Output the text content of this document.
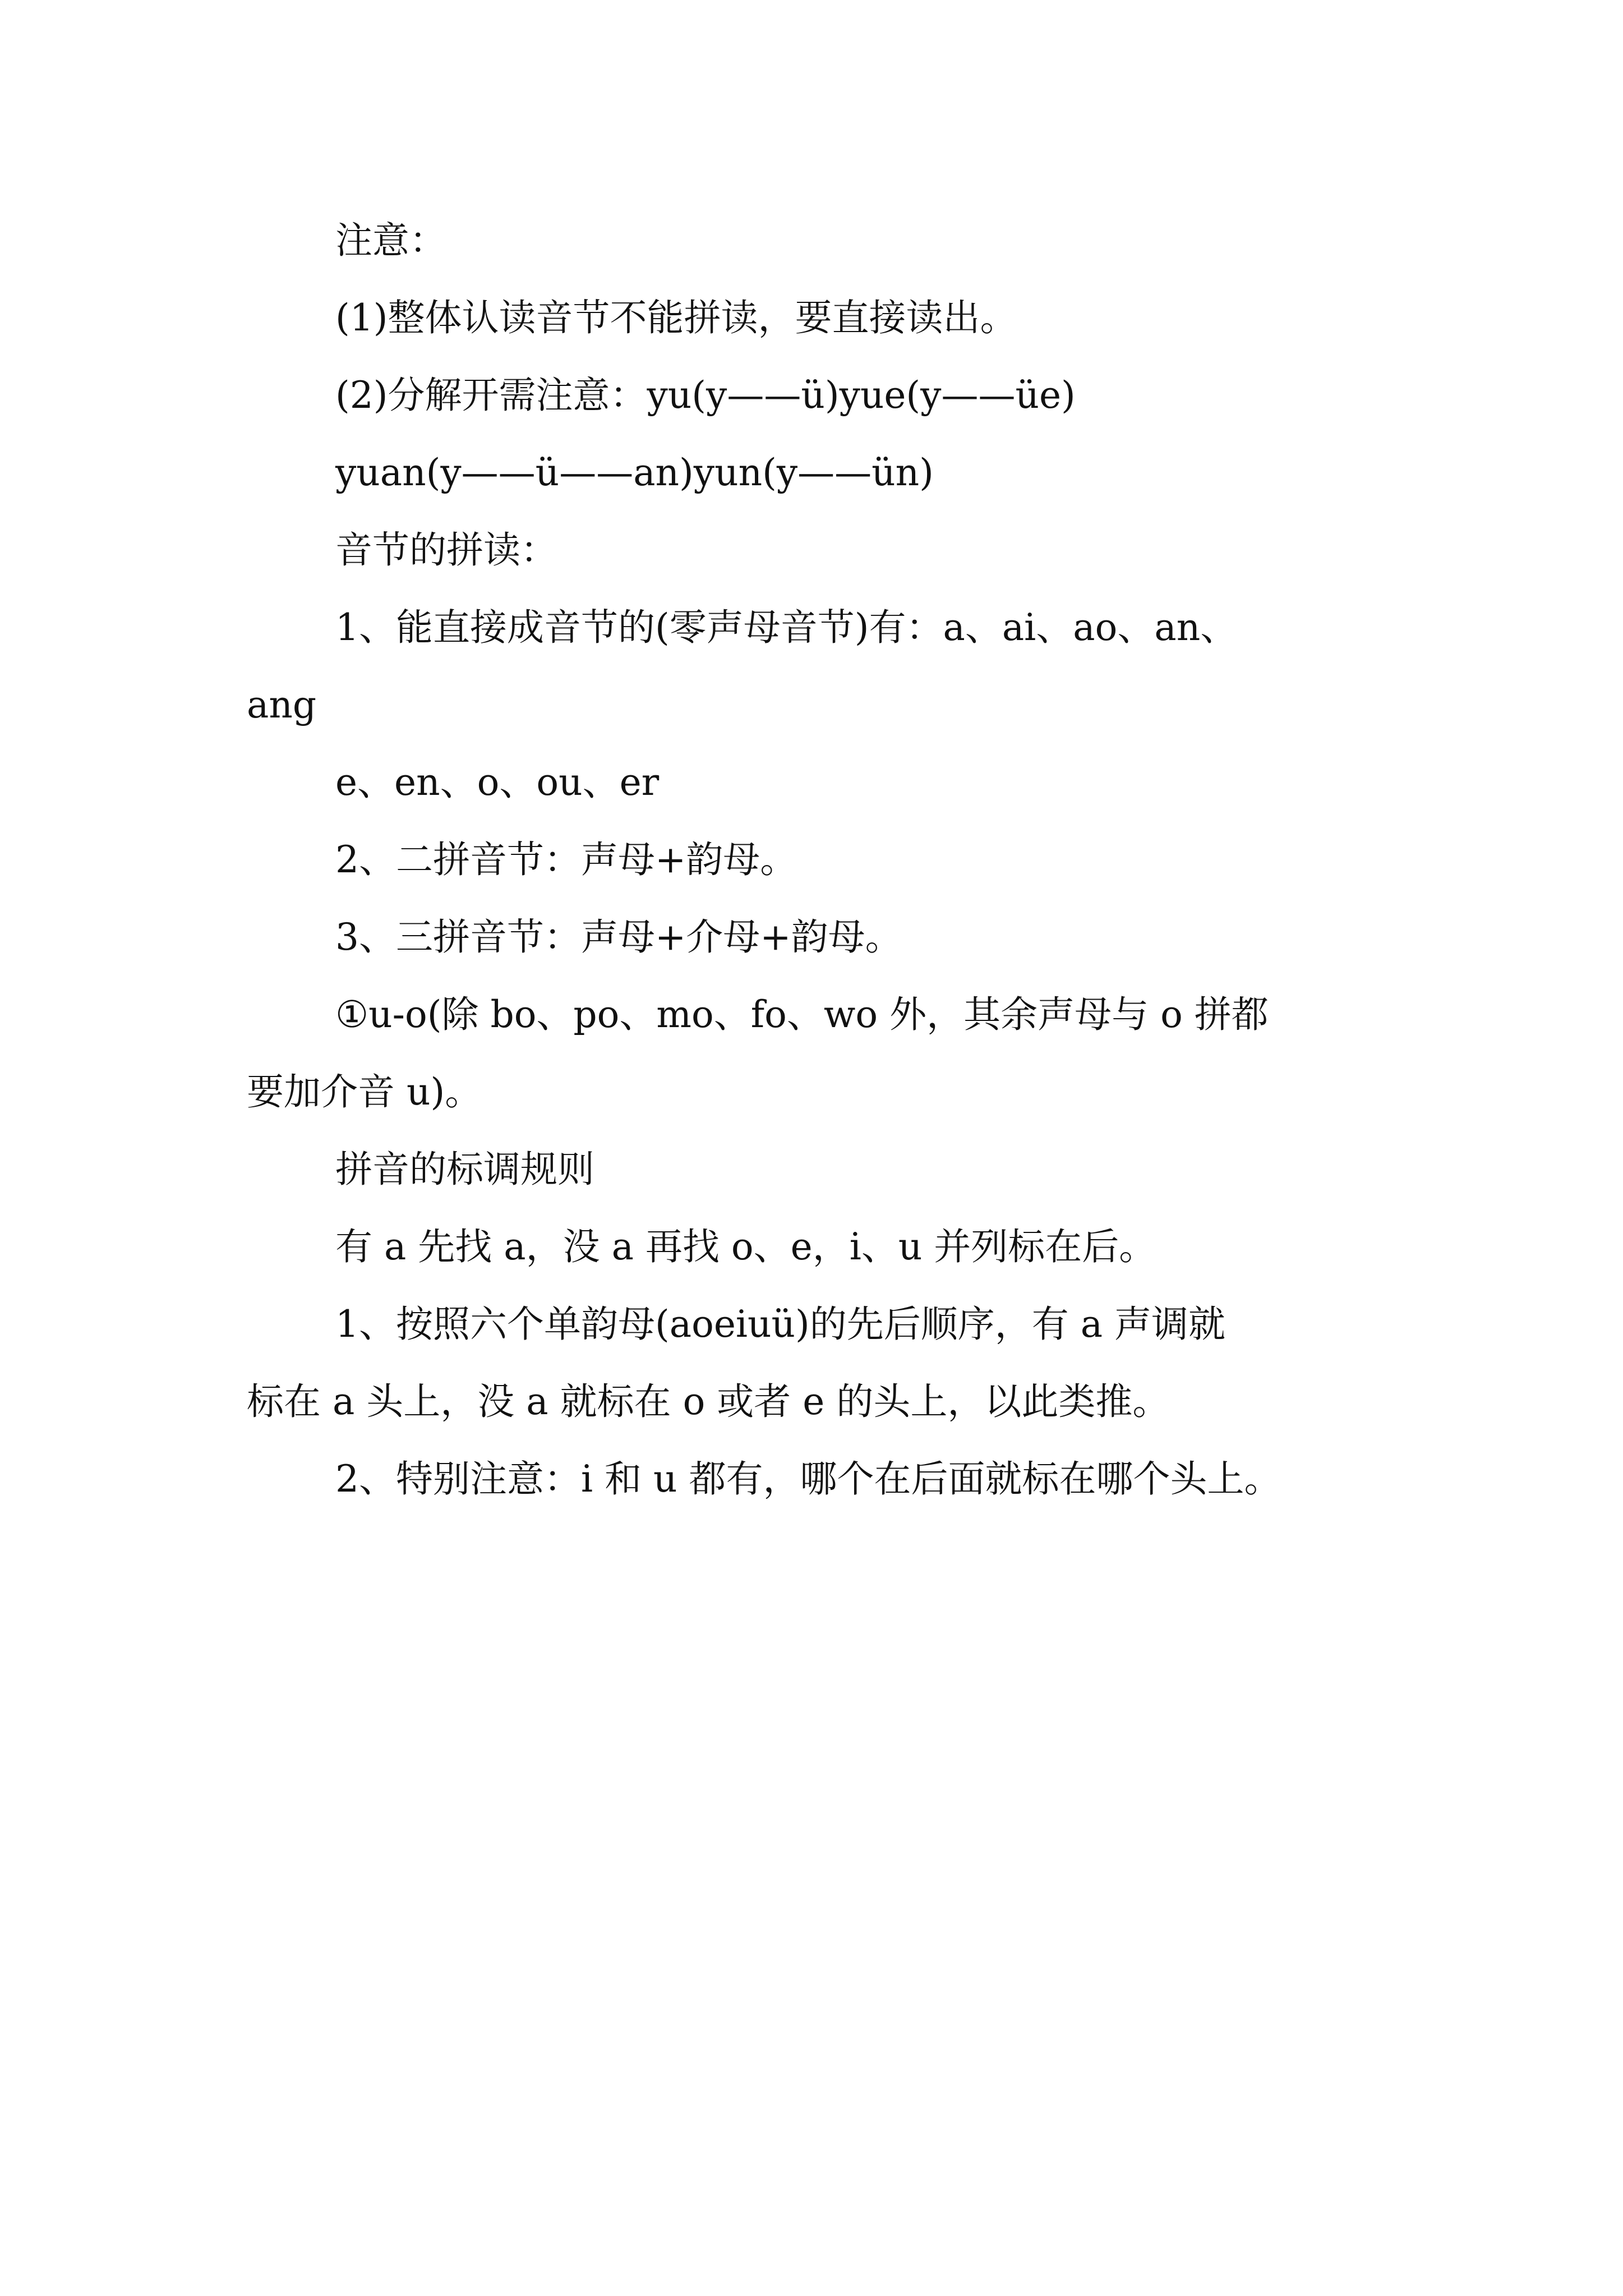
注意：
(1)整体认读音节不能拼读，要直接读出。
(2)分解开需注意：yu(y——ü)yue(y——üe)
yuan(y——ü——an)yun(y——ün)
音节的拼读：
1、能直接成音节的(零声母音节)有：a、ai、ao、an、
ang
e、en、o、ou、er
2、二拼音节：声母+韵母。
3、三拼音节：声母+介母+韵母。
①u-o(除 bo、po、mo、fo、wo 外，其余声母与 o 拼都
要加介音 u)。
拼音的标调规则
有 a 先找 a，没 a 再找 o、e，i、u 并列标在后。
1、按照六个单韵母(aoeiuü)的先后顺序，有 a 声调就
标在 a 头上，没 a 就标在 o 或者 e 的头上，以此类推。
2、特别注意：i 和 u 都有，哪个在后面就标在哪个头上。
